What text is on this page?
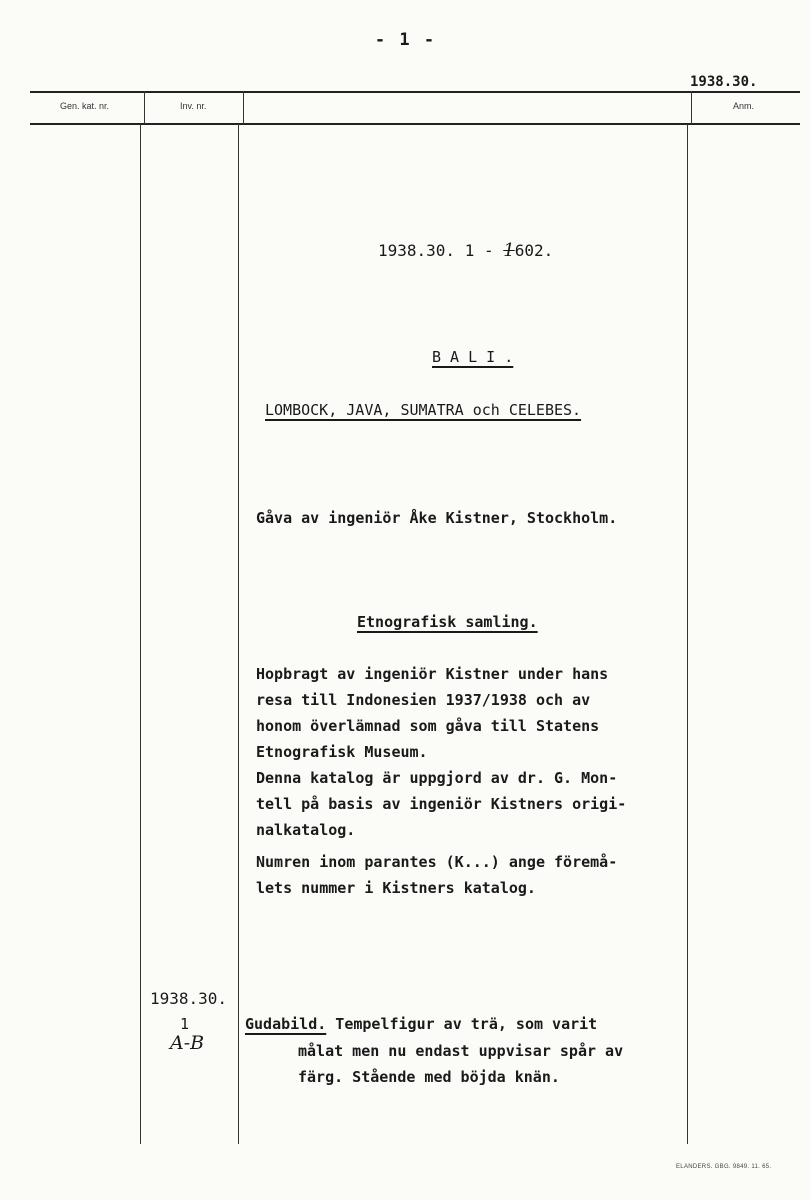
- 1 -
1938.30.
Gen. kat. nr.	Inv. nr.	Anm.
1938.30. 1 - 1602.
B A L I .
LOMBOCK, JAVA, SUMATRA och CELEBES.
Gåva av ingeniör Åke Kistner, Stockholm.
Etnografisk samling.
Hopbragt av ingeniör Kistner under hans
resa till Indonesien 1937/1938 och av
honom överlämnad som gåva till Statens
Etnografisk Museum.
Denna katalog är uppgjord av dr. G. Mon-
tell på basis av ingeniör Kistners origi-
nalkatalog.
Numren inom parantes (K...) ange föremå-
lets nummer i Kistners katalog.
1938.30.
1
A-B
Gudabild. Tempelfigur av trä, som varit
målat men nu endast uppvisar spår av
färg. Stående med böjda knän.
ELANDERS. GBG. 9849. 11. 65.
